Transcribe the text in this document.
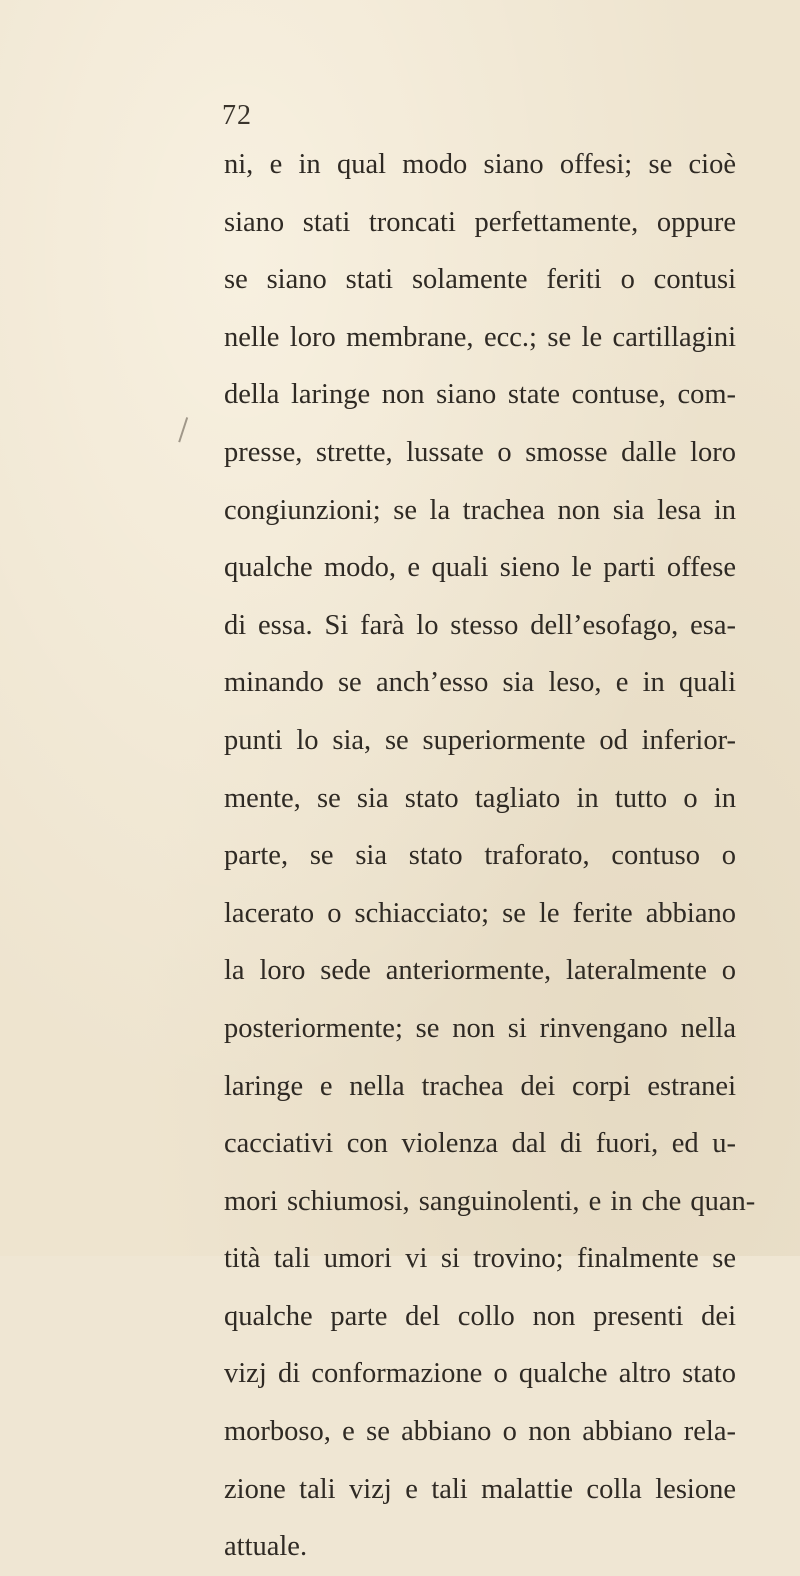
72
ni, e in qual modo siano offesi; se cioè
siano stati troncati perfettamente, oppure
se siano stati solamente feriti o contusi
nelle loro membrane, ecc.; se le cartillagini
della laringe non siano state contuse, com-
presse, strette, lussate o smosse dalle loro
congiunzioni; se la trachea non sia lesa in
qualche modo, e quali sieno le parti offese
di essa. Si farà lo stesso dell’esofago, esa-
minando se anch’esso sia leso, e in quali
punti lo sia, se superiormente od inferior-
mente, se sia stato tagliato in tutto o in
parte, se sia stato traforato, contuso o
lacerato o schiacciato; se le ferite abbiano
la loro sede anteriormente, lateralmente o
posteriormente; se non si rinvengano nella
laringe e nella trachea dei corpi estranei
cacciativi con violenza dal di fuori, ed u-
mori schiumosi, sanguinolenti, e in che quan-
tità tali umori vi si trovino; finalmente se
qualche parte del collo non presenti dei
vizj di conformazione o qualche altro stato
morboso, e se abbiano o non abbiano rela-
zione tali vizj e tali malattie colla lesione
attuale.
